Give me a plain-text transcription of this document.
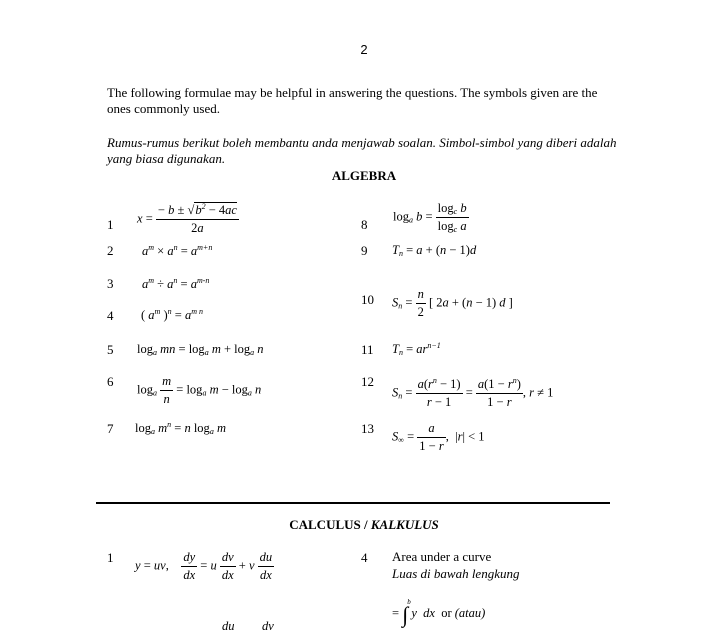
2
The following formulae may be helpful in answering the questions. The symbols given are the ones commonly used.
Rumus-rumus berikut boleh membantu anda menjawab soalan. Simbol-simbol yang diberi adalah yang biasa digunakan.
ALGEBRA
1
2
3
4
5
6
7
8
9
10
11
12
13
$x = \frac{- b \pm √b^2 - 4ac}{2a}$
$a^m \times a^n = a^{m+n}$
$a^m \div a^n = a^{m-n}$
( $a^m$ )$^n = a^{m n}$
$\log_a$ mn = $\log_a m + \log_a n$
$\log_a \frac{m}{n} = \log_a m - \log_a n$
$\log_a m^n = n$ $\log_a m$
$\log_a b = \frac{\log_c b}{\log_c a}$
$T_n = a + (n - 1)d$
$S_n = \frac{n}{2}$ [ 2a + (n − 1) d ]
$T_n = ar^{n-1}$
$S_n = \frac{a(r^n - 1)}{r - 1} = \frac{a(1 - r^n)}{1 - r}$ , r ≠ 1
$S_\infty = \frac{a}{1 - r}$ , |r| < 1
CALCULUS / KALKULUS
1	4
y = uv, $\frac{dy}{dx} = u \frac{dv}{dx} + v \frac{du}{dx}$
du dv
Area under a curve
Luas di bawah lengkung
=
b
∫ y  dx  or (atau)
